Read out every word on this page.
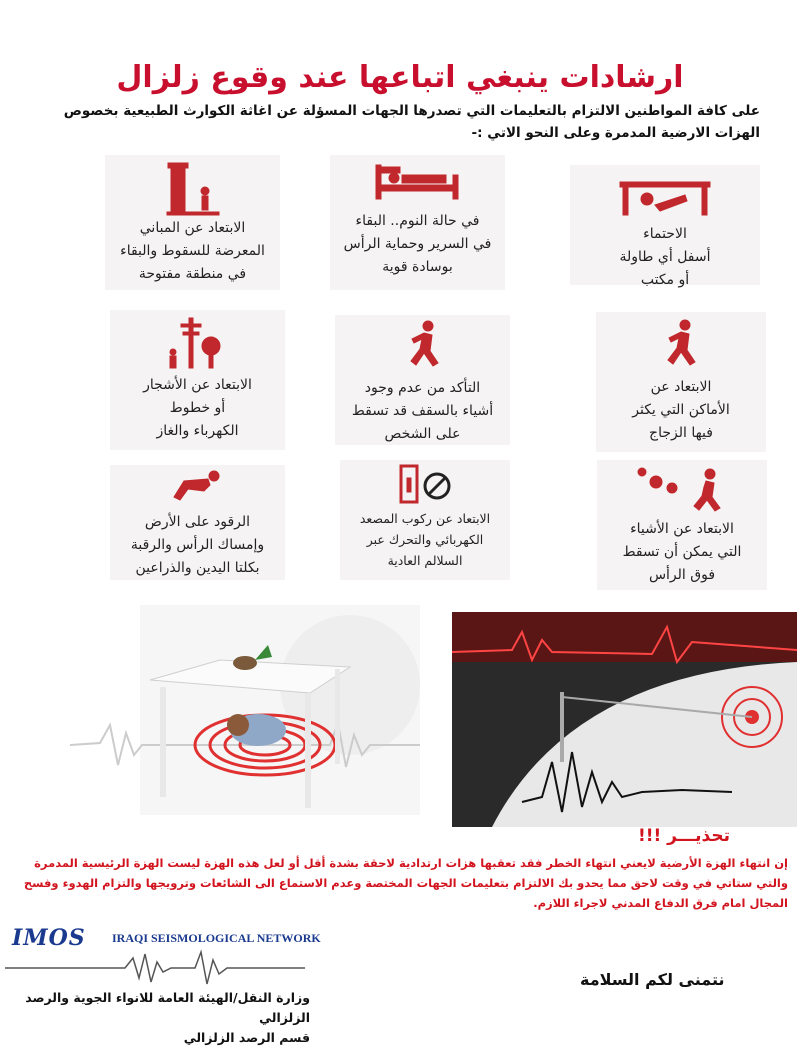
ارشادات ينبغي اتباعها عند وقوع زلزال
على كافة المواطنين الالتزام بالتعليمات التي تصدرها الجهات المسؤلة عن اغاثة الكوارث الطبيعية بخصوص الهزات الارضية المدمرة وعلى النحو الاتي :-
الاحتماء
أسفل أي طاولة
أو مكتب
في حالة النوم.. البقاء
في السرير وحماية الرأس
بوسادة قوية
الابتعاد عن المباني
المعرضة للسقوط والبقاء
في منطقة مفتوحة
الابتعاد عن
الأماكن التي يكثر
فيها الزجاج
التأكد من عدم وجود
أشياء بالسقف قد تسقط
على الشخص
الابتعاد عن الأشجار
أو خطوط
الكهرباء والغاز
الابتعاد عن الأشياء
التي يمكن أن تسقط
فوق الرأس
الابتعاد عن ركوب المصعد
الكهربائي والتحرك عبر
السلالم العادية
الرقود على الأرض
وإمساك الرأس والرقبة
بكلتا اليدين والذراعين
تحذيـــر !!!
إن انتهاء الهزة الأرضية لايعني انتهاء الخطر فقد تعقبها هزات ارتدادية لاحقة بشدة أقل أو لعل هذه الهزة ليست الهزة الرئيسية المدمرة والتي ستاتي في وقت لاحق مما يحدو بك الالتزام بتعليمات الجهات المختصة وعدم الاستماع الى الشائعات وترويجها والتزام الهدوء وفسح المجال امام فرق الدفاع المدني لاجراء اللازم.
IMOS IRAQI SEISMOLOGICAL NETWORK
وزارة النقل/الهيئة العامة للانواء الجوية والرصد الزلزالي
قسم الرصد الزلزالي
نتمنى لكم السلامة
